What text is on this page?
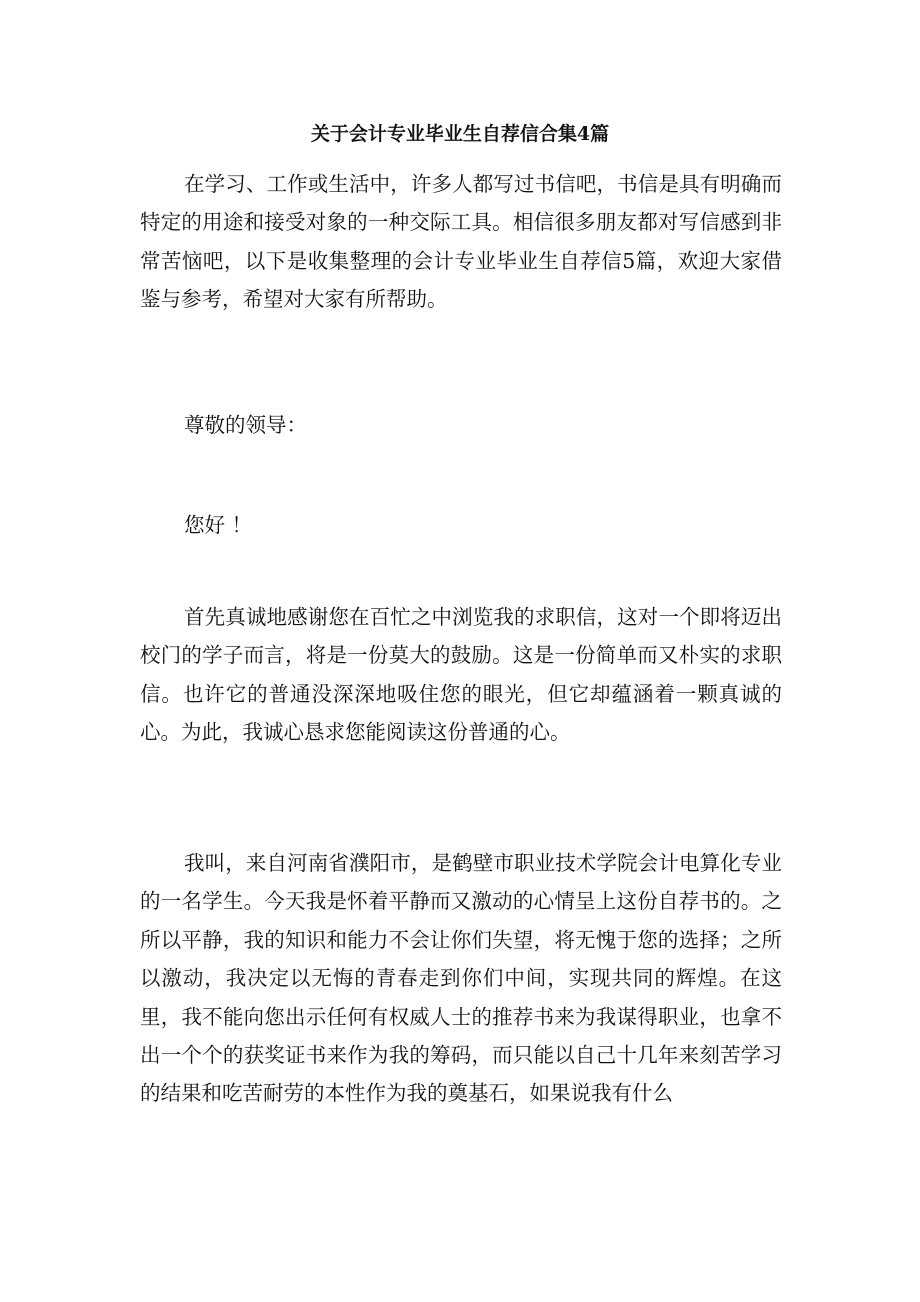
关于会计专业毕业生自荐信合集4篇

在学习、工作或生活中，许多人都写过书信吧，书信是具有明确而特定的用途和接受对象的一种交际工具。相信很多朋友都对写信感到非常苦恼吧，以下是收集整理的会计专业毕业生自荐信5篇，欢迎大家借鉴与参考，希望对大家有所帮助。

尊敬的领导：

您好 ！

首先真诚地感谢您在百忙之中浏览我的求职信，这对一个即将迈出校门的学子而言，将是一份莫大的鼓励。这是一份简单而又朴实的求职信。也许它的普通没深深地吸住您的眼光，但它却蕴涵着一颗真诚的心。为此，我诚心恳求您能阅读这份普通的心。

我叫，来自河南省濮阳市，是鹤壁市职业技术学院会计电算化专业的一名学生。今天我是怀着平静而又激动的心情呈上这份自荐书的。之所以平静，我的知识和能力不会让你们失望，将无愧于您的选择；之所以激动，我决定以无悔的青春走到你们中间，实现共同的辉煌。在这里，我不能向您出示任何有权威人士的推荐书来为我谋得职业，也拿不出一个个的获奖证书来作为我的筹码，而只能以自己十几年来刻苦学习的结果和吃苦耐劳的本性作为我的奠基石，如果说我有什么
